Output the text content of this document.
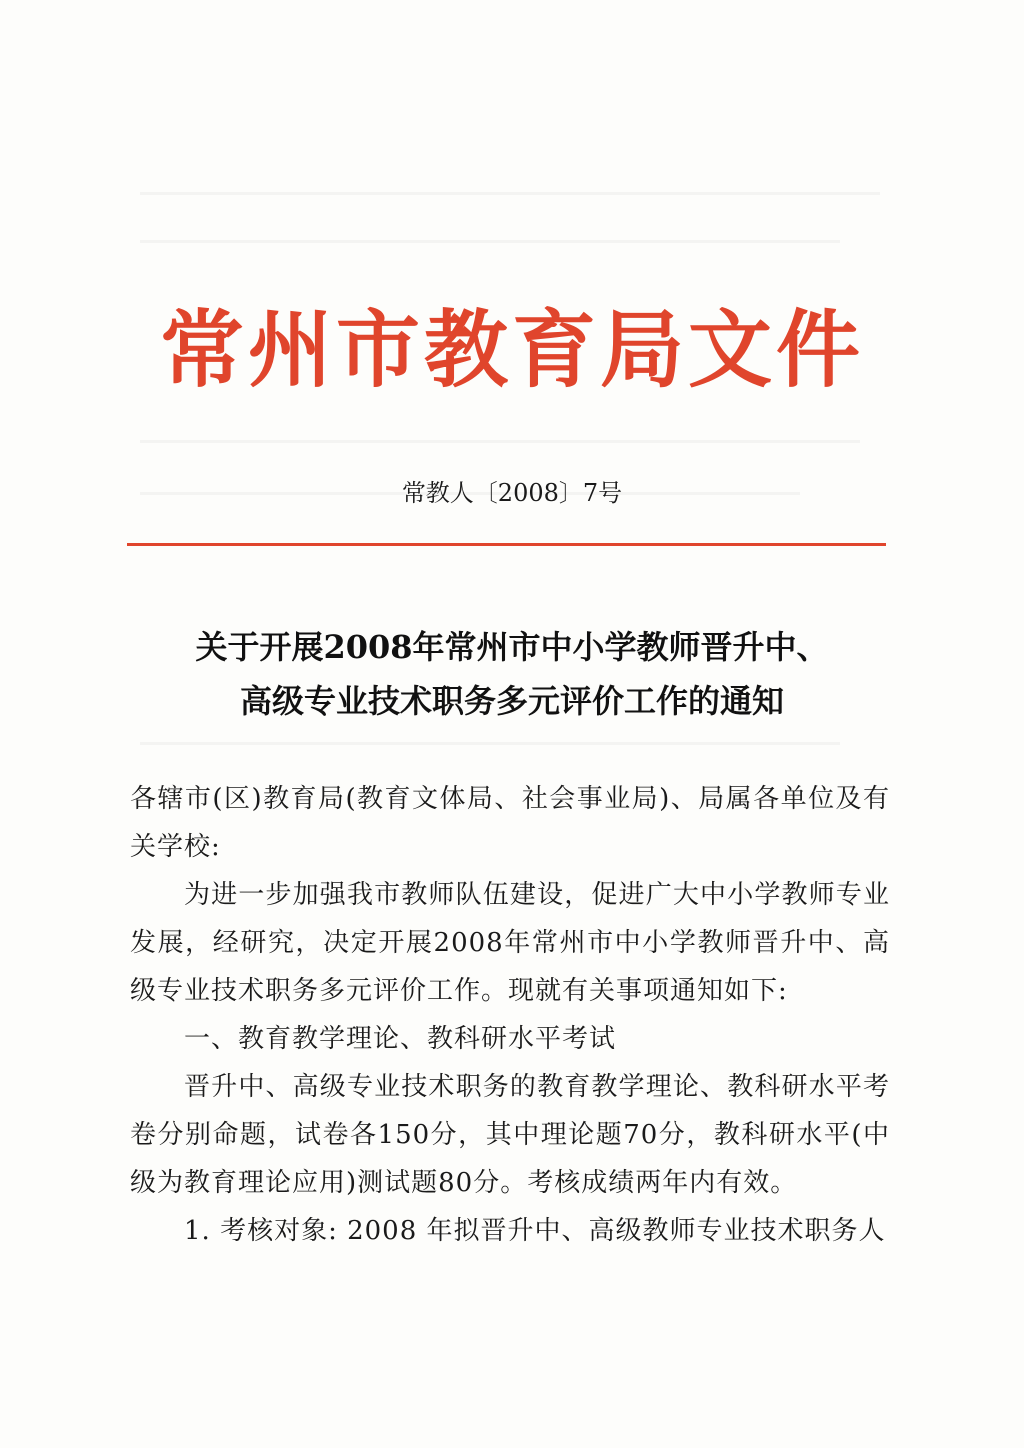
常州市教育局文件
常教人〔2008〕7号
关于开展2008年常州市中小学教师晋升中、
高级专业技术职务多元评价工作的通知

各辖市(区)教育局(教育文体局、社会事业局)、局属各单位及有关学校:

为进一步加强我市教师队伍建设，促进广大中小学教师专业发展，经研究，决定开展2008年常州市中小学教师晋升中、高级专业技术职务多元评价工作。现就有关事项通知如下:

一、教育教学理论、教科研水平考试

晋升中、高级专业技术职务的教育教学理论、教科研水平考卷分别命题，试卷各150分，其中理论题70分，教科研水平(中级为教育理论应用)测试题80分。考核成绩两年内有效。

1. 考核对象: 2008 年拟晋升中、高级教师专业技术职务人
